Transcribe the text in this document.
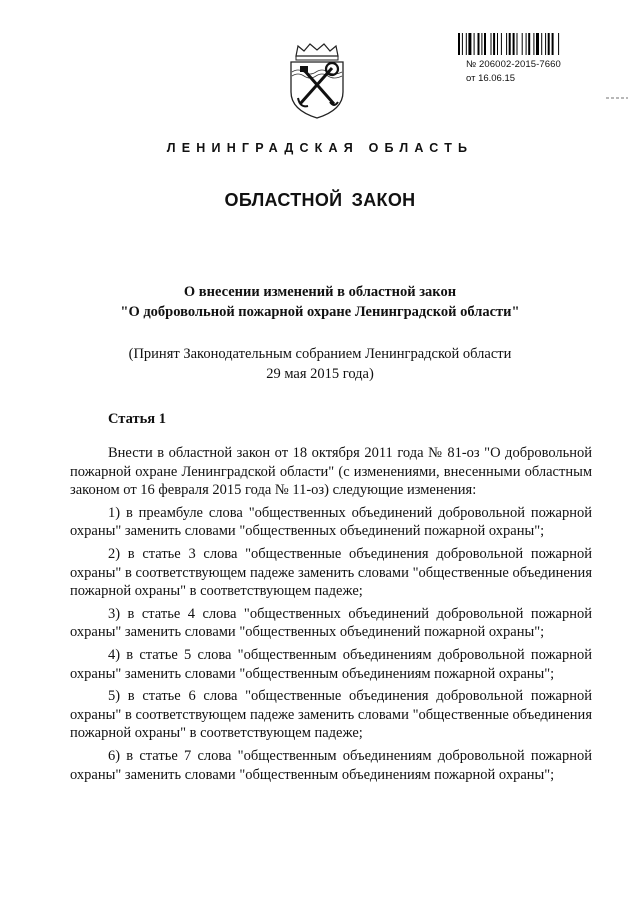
№ 206002-2015-7660
от 16.06.15
ЛЕНИНГРАДСКАЯ ОБЛАСТЬ
ОБЛАСТНОЙ ЗАКОН
О внесении изменений в областной закон
"О добровольной пожарной охране Ленинградской области"
(Принят Законодательным собранием Ленинградской области
29 мая 2015 года)
Статья 1

Внести в областной закон от 18 октября 2011 года № 81-оз "О добровольной пожарной охране Ленинградской области" (с изменениями, внесенными областным законом от 16 февраля 2015 года № 11-оз) следующие изменения:

1) в преамбуле слова "общественных объединений добровольной пожарной охраны" заменить словами "общественных объединений пожарной охраны";

2) в статье 3 слова "общественные объединения добровольной пожарной охраны" в соответствующем падеже заменить словами "общественные объединения пожарной охраны" в соответствующем падеже;

3) в статье 4 слова "общественных объединений добровольной пожарной охраны" заменить словами "общественных объединений пожарной охраны";

4) в статье 5 слова "общественным объединениям добровольной пожарной охраны" заменить словами "общественным объединениям пожарной охраны";

5) в статье 6 слова "общественные объединения добровольной пожарной охраны" в соответствующем падеже заменить словами "общественные объединения пожарной охраны" в соответствующем падеже;

6) в статье 7 слова "общественным объединениям добровольной пожарной охраны" заменить словами "общественным объединениям пожарной охраны";
